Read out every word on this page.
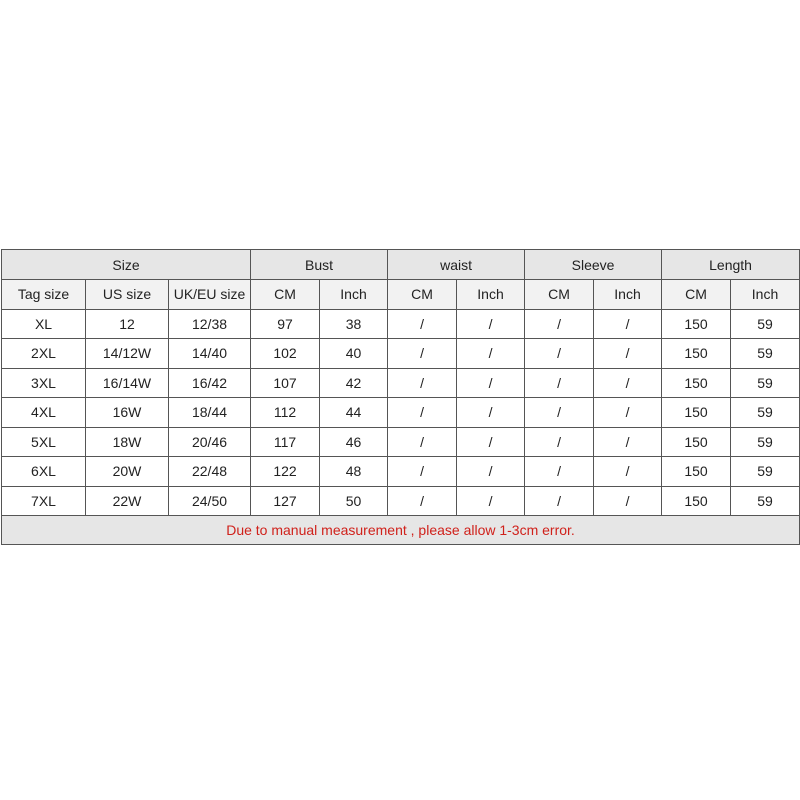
Size			Bust		waist		Sleeve		Length	
Tag size	US size	UK/EU size	CM	Inch	CM	Inch	CM	Inch	CM	Inch
XL	12	12/38	97	38	/	/	/	/	150	59
2XL	14/12W	14/40	102	40	/	/	/	/	150	59
3XL	16/14W	16/42	107	42	/	/	/	/	150	59
4XL	16W	18/44	112	44	/	/	/	/	150	59
5XL	18W	20/46	117	46	/	/	/	/	150	59
6XL	20W	22/48	122	48	/	/	/	/	150	59
7XL	22W	24/50	127	50	/	/	/	/	150	59
Due to manual measurement , please allow 1-3cm error.										
